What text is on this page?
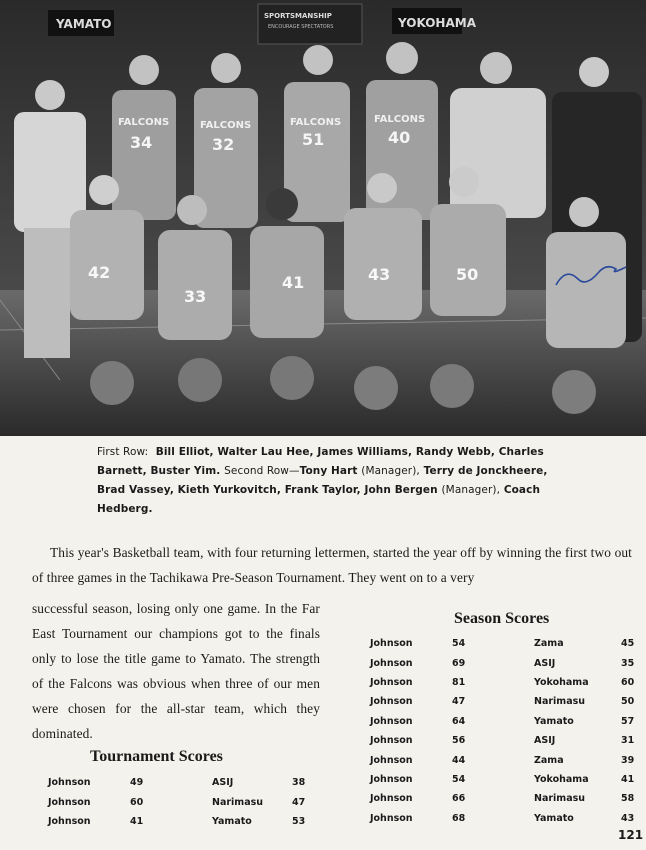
YAMATO
SPORTSMANSHIP
ENCOURAGE SPECTATORS	YOKOHAMA
FALCONS
34
FALCONS
32
FALCONS
51
FALCONS
40
42
33
41	43	50
First Row: Bill Elliot, Walter Lau Hee, James Williams, Randy Webb, Charles Barnett, Buster Yim. Second Row—Tony Hart (Manager), Terry de Jonckheere, Brad Vassey, Kieth Yurkovitch, Frank Taylor, John Bergen (Manager), Coach Hedberg.
This year's Basketball team, with four returning lettermen, started the year off by winning the first two out of three games in the Tachikawa Pre-Season Tournament. They went on to a very
successful season, losing only one game. In the Far East Tournament our champions got to the finals only to lose the title game to Yamato. The strength of the Falcons was obvious when three of our men were chosen for the all-star team, which they dominated.
Season Scores
Johnson	54	Zama	45
Johnson	69	ASIJ	35
Johnson	81	Yokohama	60
Johnson	47	Narimasu	50
Johnson	64	Yamato	57
Johnson	56	ASIJ	31
Johnson	44	Zama	39
Johnson	54	Yokohama	41
Johnson	66	Narimasu	58
Johnson	68	Yamato	43
Tournament Scores
Johnson	49	ASIJ	38
Johnson	60	Narimasu	47
Johnson	41	Yamato	53
121
